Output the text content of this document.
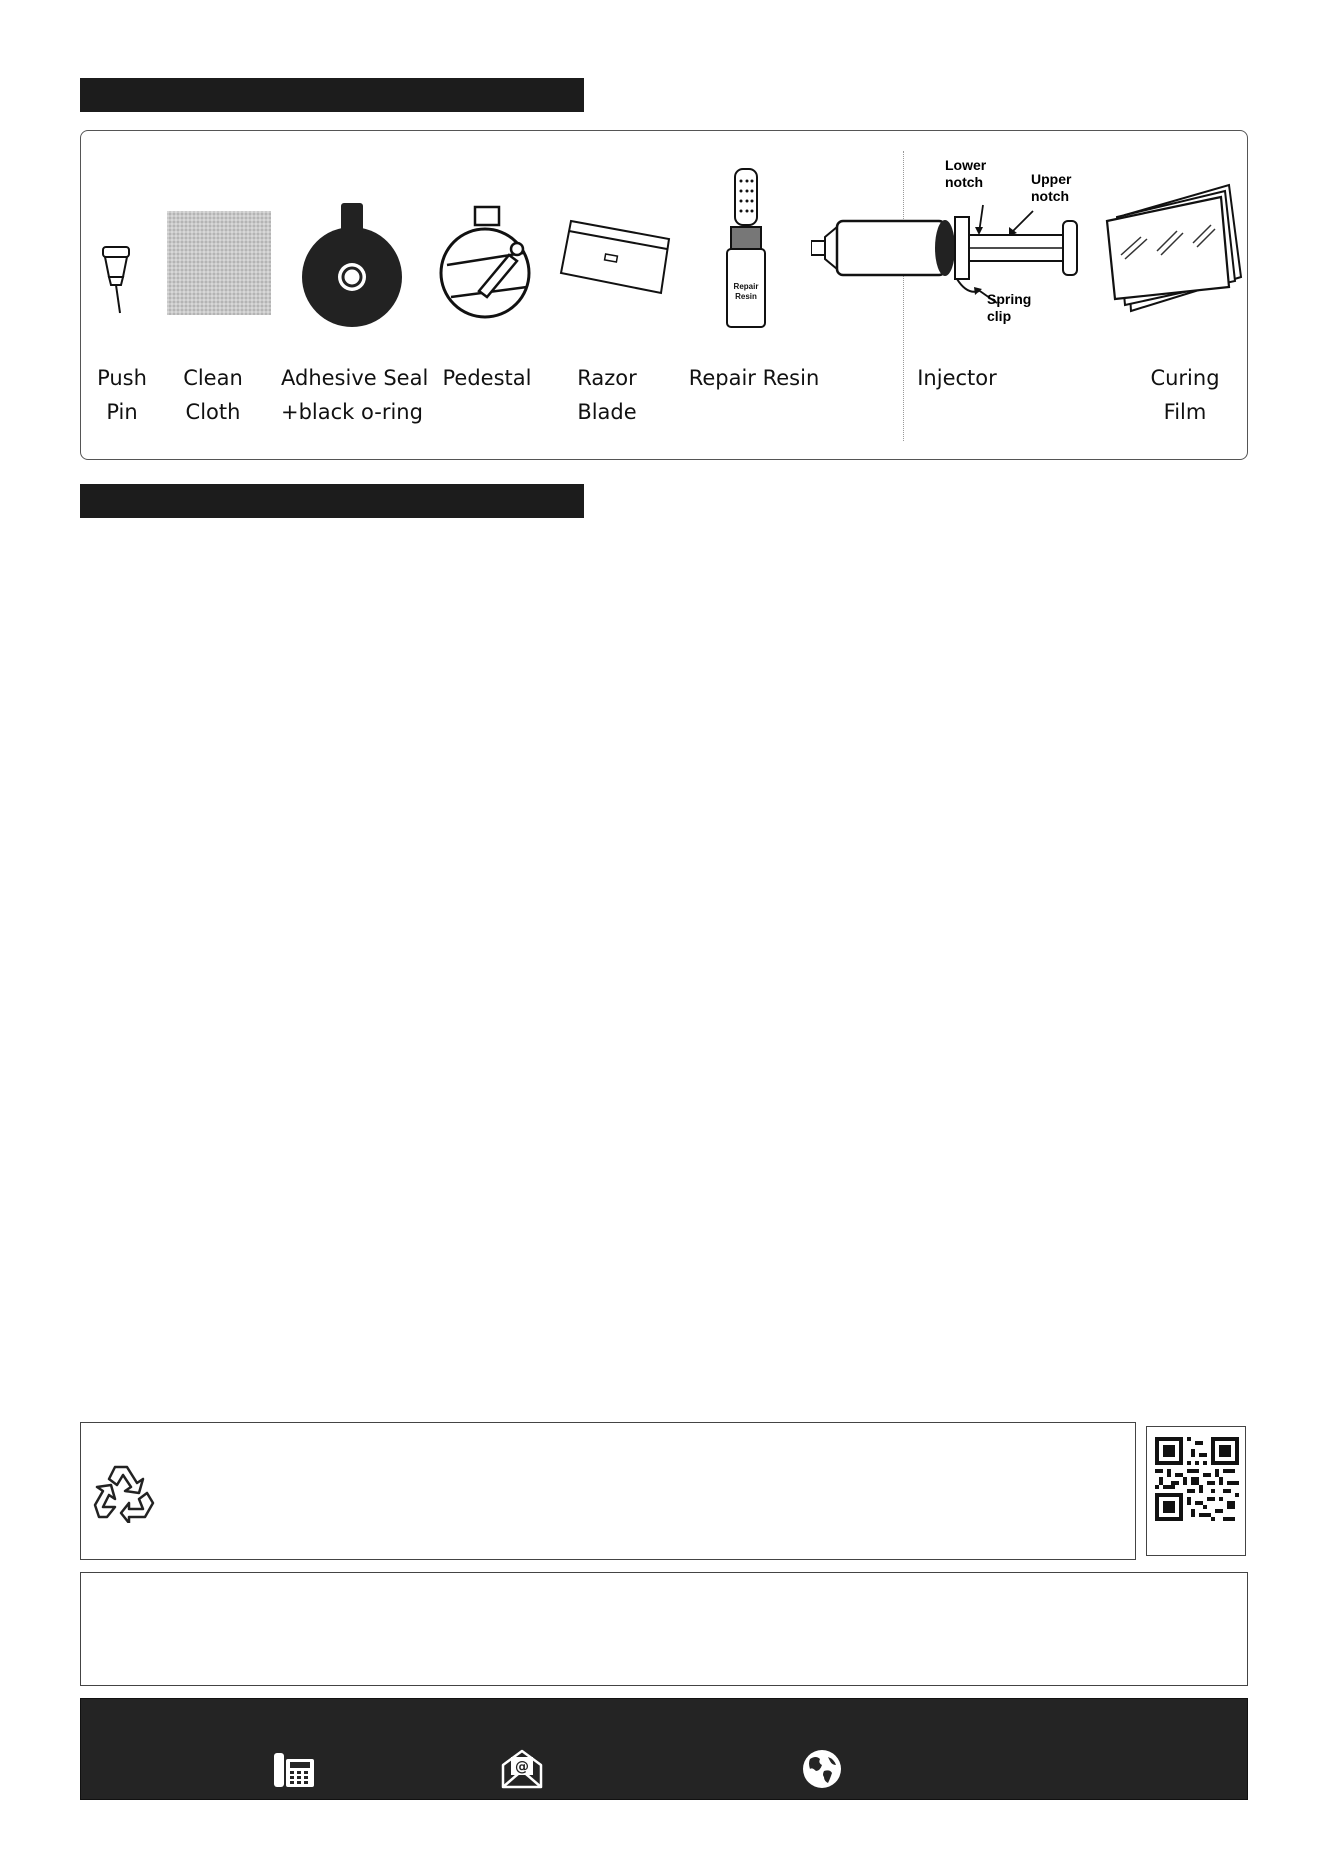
Repair
Resin
Lower
notch	Upper
notch
Spring
clip
Push
Pin
Clean
Cloth
Adhesive Seal
+black o-ring
Pedestal	Razor
Blade
Repair Resin	Injector	Curing
Film
@
